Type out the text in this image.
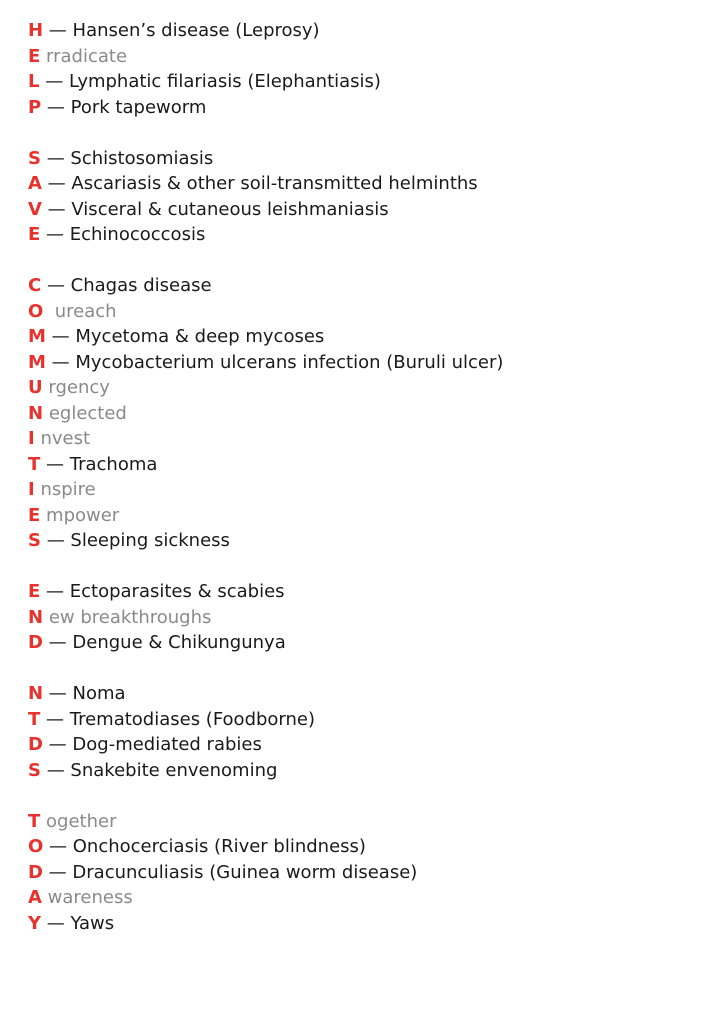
H — Hansen’s disease (Leprosy)
E rradicate
L — Lymphatic filariasis (Elephantiasis)
P — Pork tapeworm
S — Schistosomiasis
A — Ascariasis & other soil-transmitted helminths
V — Visceral & cutaneous leishmaniasis
E — Echinococcosis
C — Chagas disease
O ureach
M — Mycetoma & deep mycoses
M — Mycobacterium ulcerans infection (Buruli ulcer)
U rgency
N eglected
I nvest
T — Trachoma
I nspire
E mpower
S — Sleeping sickness
E — Ectoparasites & scabies
N ew breakthroughs
D — Dengue & Chikungunya
N — Noma
T — Trematodiases (Foodborne)
D — Dog-mediated rabies
S — Snakebite envenoming
T ogether
O — Onchocerciasis (River blindness)
D — Dracunculiasis (Guinea worm disease)
A wareness
Y — Yaws
